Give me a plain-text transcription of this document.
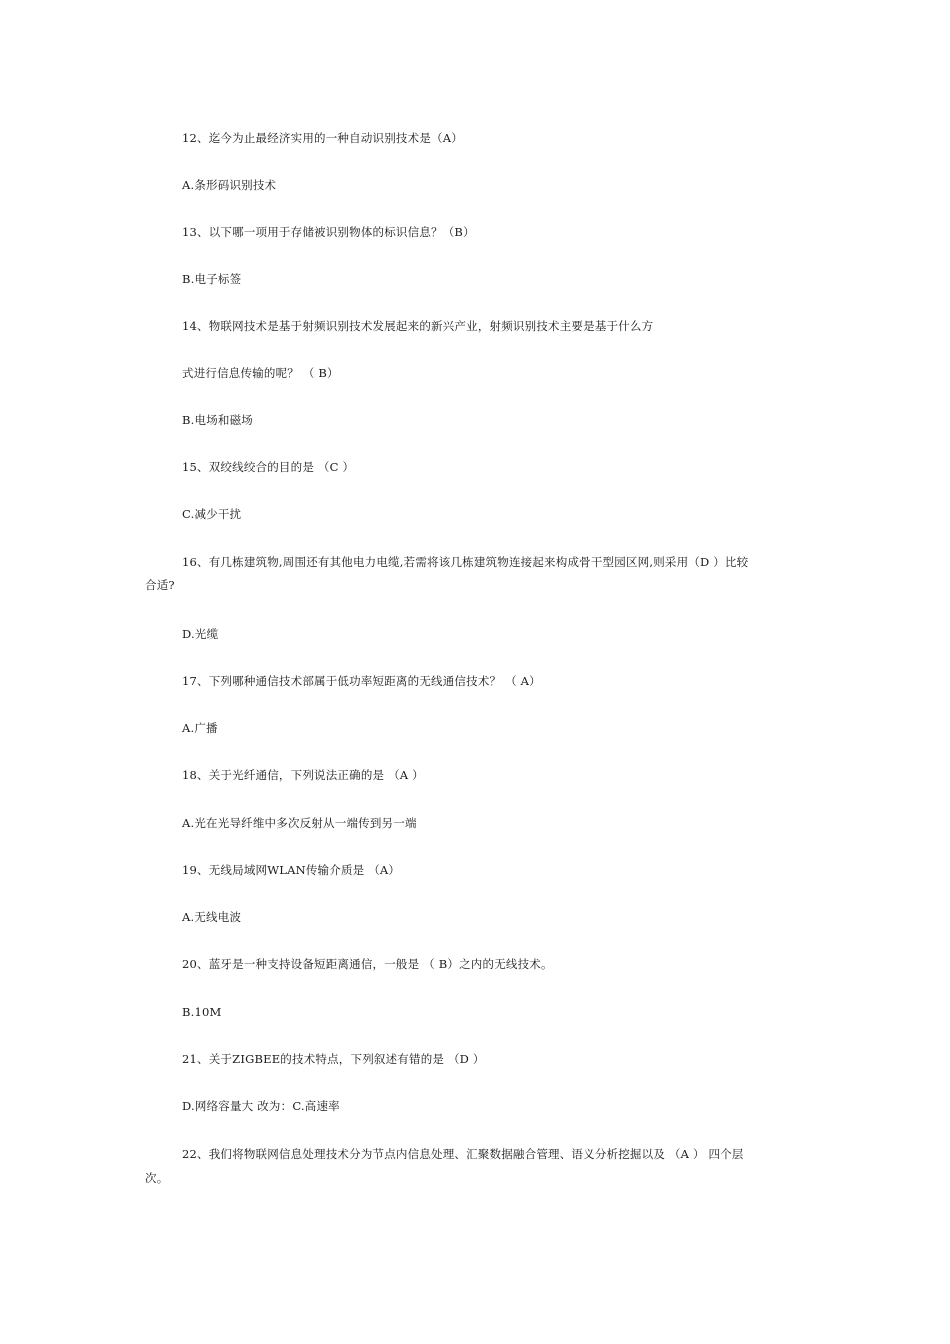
12、迄今为止最经济实用的一种自动识别技术是（A）
A.条形码识别技术
13、以下哪一项用于存储被识别物体的标识信息？（B）
B.电子标签
14、物联网技术是基于射频识别技术发展起来的新兴产业，射频识别技术主要是基于什么方
式进行信息传输的呢？ （ B）
B.电场和磁场
15、双绞线绞合的目的是 （C ）
C.减少干扰
16、有几栋建筑物,周围还有其他电力电缆,若需将该几栋建筑物连接起来构成骨干型园区网,则采用（D ）比较
合适?
D.光缆
17、下列哪种通信技术部属于低功率短距离的无线通信技术？ （ A）
A.广播
18、关于光纤通信，下列说法正确的是 （A ）
A.光在光导纤维中多次反射从一端传到另一端
19、无线局域网WLAN传输介质是 （A）
A.无线电波
20、蓝牙是一种支持设备短距离通信，一般是 （ B）之内的无线技术。
B.10M
21、关于ZIGBEE的技术特点，下列叙述有错的是 （D ）
D.网络容量大 改为：C.高速率
22、我们将物联网信息处理技术分为节点内信息处理、汇聚数据融合管理、语义分析挖掘以及 （A ） 四个层
次。
